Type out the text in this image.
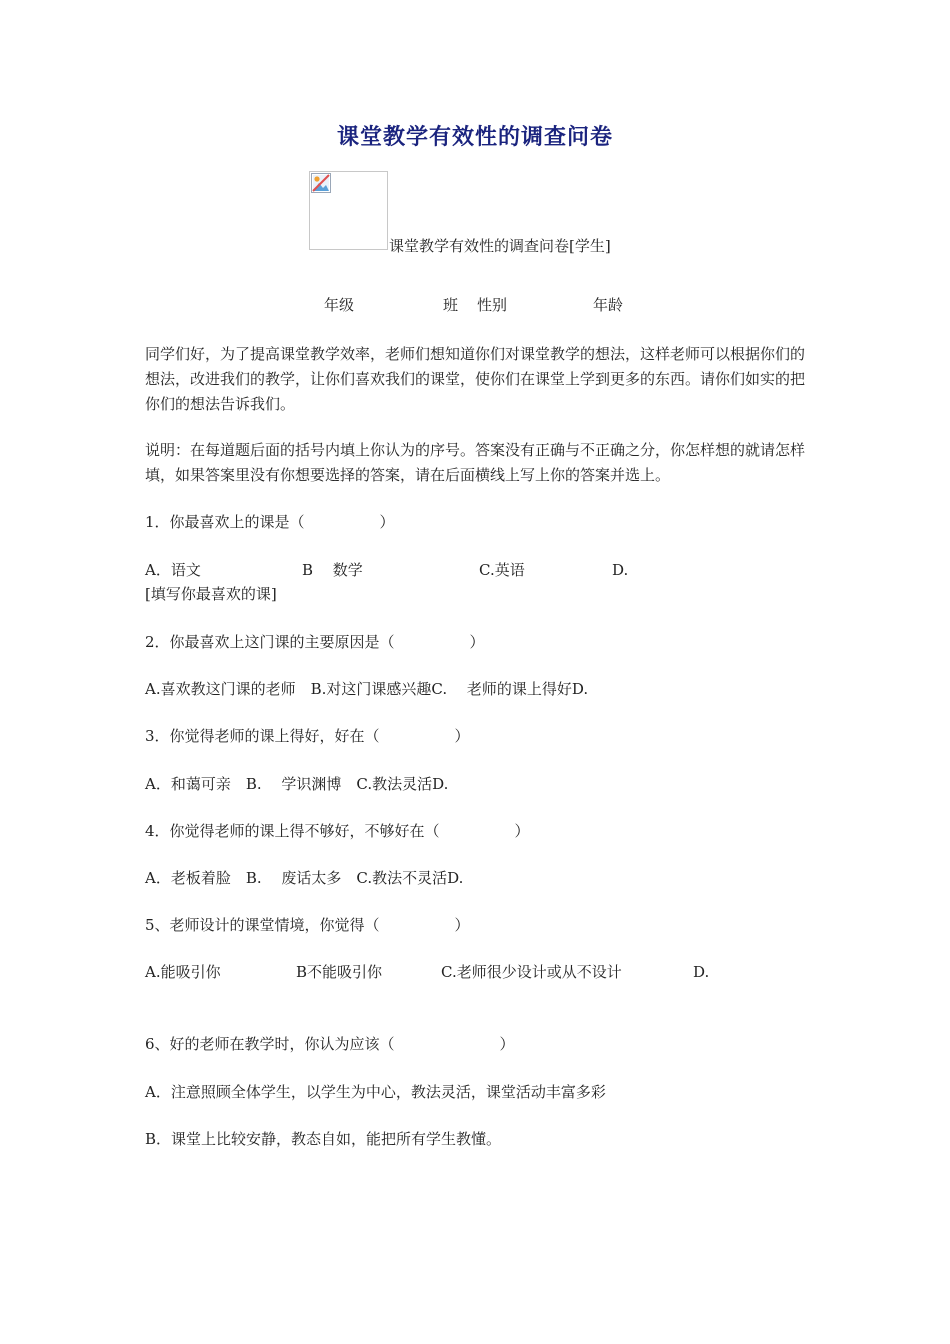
课堂教学有效性的调查问卷
课堂教学有效性的调查问卷[学生]
年级	班 性别	年龄
同学们好，为了提高课堂教学效率，老师们想知道你们对课堂教学的想法，这样老师可以根据你们的想法，改进我们的教学，让你们喜欢我们的课堂，使你们在课堂上学到更多的东西。请你们如实的把你们的想法告诉我们。
说明：在每道题后面的括号内填上你认为的序号。答案没有正确与不正确之分，你怎样想的就请怎样填，如果答案里没有你想要选择的答案，请在后面横线上写上你的答案并选上。
1．你最喜欢上的课是（　　　　　）
A．语文	B　 数学	C.英语	D.
[填写你最喜欢的课]
2．你最喜欢上这门课的主要原因是（　　　　　）
A.喜欢教这门课的老师　B.对这门课感兴趣C.　 老师的课上得好D.
3．你觉得老师的课上得好，好在（　　　　　）
A．和蔼可亲　B.　 学识渊博　C.教法灵活D.
4．你觉得老师的课上得不够好，不够好在（　　　　　）
A．老板着脸　B.　 废话太多　C.教法不灵活D.
5、老师设计的课堂情境，你觉得（　　　　　）
A.能吸引你	B不能吸引你	C.老师很少设计或从不设计	D.
6、好的老师在教学时，你认为应该（　　　　　　　）
A．注意照顾全体学生，以学生为中心，教法灵活，课堂活动丰富多彩
B．课堂上比较安静，教态自如，能把所有学生教懂。
